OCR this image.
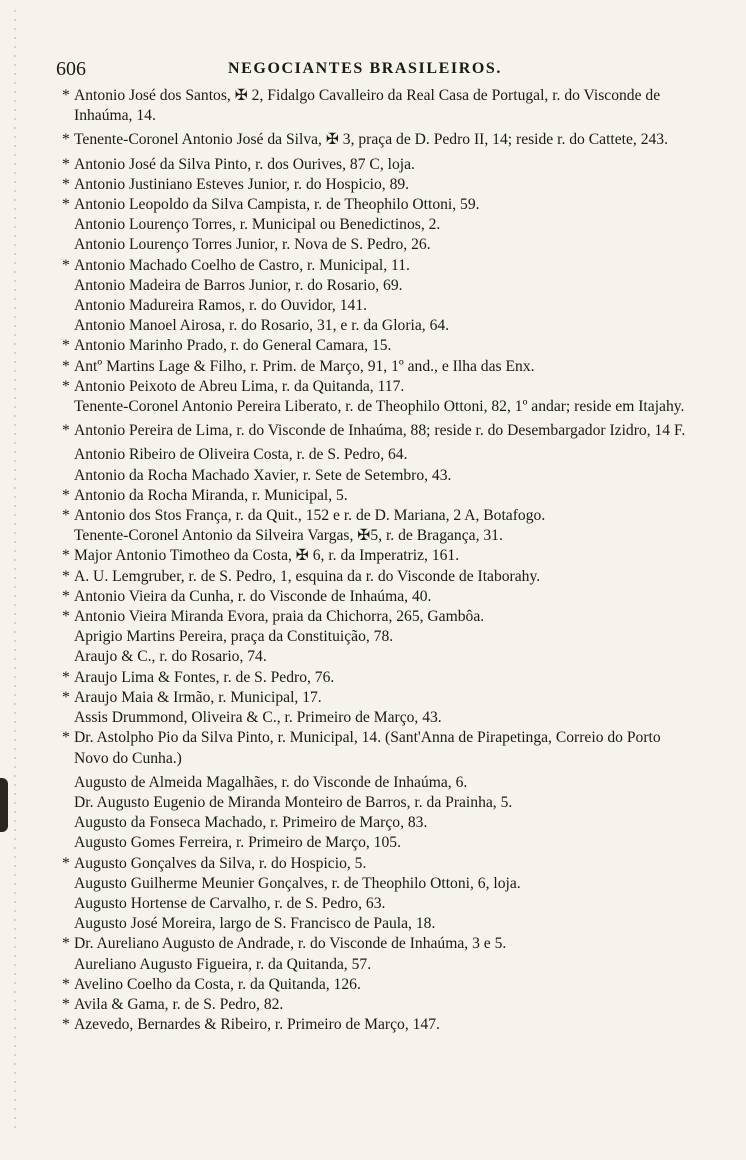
606	NEGOCIANTES BRASILEIROS.
* Antonio José dos Santos, ✠ 2, Fidalgo Cavalleiro da Real Casa de Portugal, r. do Visconde de Inhaúma, 14.
* Tenente-Coronel Antonio José da Silva, ✠ 3, praça de D. Pedro II, 14; reside r. do Cattete, 243.
* Antonio José da Silva Pinto, r. dos Ourives, 87 C, loja.
* Antonio Justiniano Esteves Junior, r. do Hospicio, 89.
* Antonio Leopoldo da Silva Campista, r. de Theophilo Ottoni, 59.
Antonio Lourenço Torres, r. Municipal ou Benedictinos, 2.
Antonio Lourenço Torres Junior, r. Nova de S. Pedro, 26.
* Antonio Machado Coelho de Castro, r. Municipal, 11.
Antonio Madeira de Barros Junior, r. do Rosario, 69.
Antonio Madureira Ramos, r. do Ouvidor, 141.
Antonio Manoel Airosa, r. do Rosario, 31, e r. da Gloria, 64.
* Antonio Marinho Prado, r. do General Camara, 15.
* Antº Martins Lage & Filho, r. Prim. de Março, 91, 1º and., e Ilha das Enx.
* Antonio Peixoto de Abreu Lima, r. da Quitanda, 117.
Tenente-Coronel Antonio Pereira Liberato, r. de Theophilo Ottoni, 82, 1º andar; reside em Itajahy.
* Antonio Pereira de Lima, r. do Visconde de Inhaúma, 88; reside r. do Desembargador Izidro, 14 F.
Antonio Ribeiro de Oliveira Costa, r. de S. Pedro, 64.
Antonio da Rocha Machado Xavier, r. Sete de Setembro, 43.
* Antonio da Rocha Miranda, r. Municipal, 5.
* Antonio dos Stos França, r. da Quit., 152 e r. de D. Mariana, 2 A, Botafogo.
Tenente-Coronel Antonio da Silveira Vargas, ✠5, r. de Bragança, 31.
* Major Antonio Timotheo da Costa, ✠ 6, r. da Imperatriz, 161.
* A. U. Lemgruber, r. de S. Pedro, 1, esquina da r. do Visconde de Itaborahy.
* Antonio Vieira da Cunha, r. do Visconde de Inhaúma, 40.
* Antonio Vieira Miranda Evora, praia da Chichorra, 265, Gambôa.
Aprigio Martins Pereira, praça da Constituição, 78.
Araujo & C., r. do Rosario, 74.
* Araujo Lima & Fontes, r. de S. Pedro, 76.
* Araujo Maia & Irmão, r. Municipal, 17.
Assis Drummond, Oliveira & C., r. Primeiro de Março, 43.
* Dr. Astolpho Pio da Silva Pinto, r. Municipal, 14. (Sant'Anna de Pirapetinga, Correio do Porto Novo do Cunha.)
Augusto de Almeida Magalhães, r. do Visconde de Inhaúma, 6.
Dr. Augusto Eugenio de Miranda Monteiro de Barros, r. da Prainha, 5.
Augusto da Fonseca Machado, r. Primeiro de Março, 83.
Augusto Gomes Ferreira, r. Primeiro de Março, 105.
* Augusto Gonçalves da Silva, r. do Hospicio, 5.
Augusto Guilherme Meunier Gonçalves, r. de Theophilo Ottoni, 6, loja.
Augusto Hortense de Carvalho, r. de S. Pedro, 63.
Augusto José Moreira, largo de S. Francisco de Paula, 18.
* Dr. Aureliano Augusto de Andrade, r. do Visconde de Inhaúma, 3 e 5.
Aureliano Augusto Figueira, r. da Quitanda, 57.
* Avelino Coelho da Costa, r. da Quitanda, 126.
* Avila & Gama, r. de S. Pedro, 82.
* Azevedo, Bernardes & Ribeiro, r. Primeiro de Março, 147.
